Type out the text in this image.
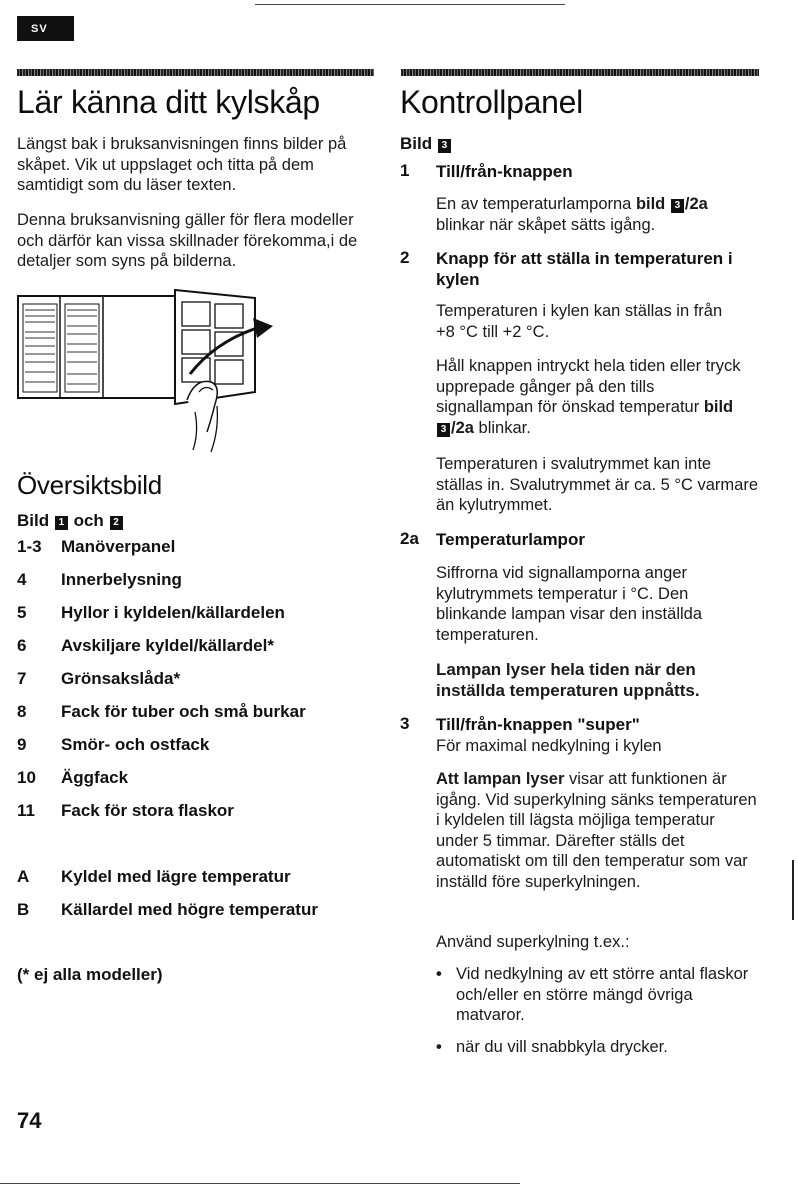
SV
Lär känna ditt kylskåp

Längst bak i bruksanvisningen finns bilder på skåpet. Vik ut uppslaget och titta på dem samtidigt som du läser texten.

Denna bruksanvisning gäller för flera modeller och därför kan vissa skillnader förekomma,i de detaljer som syns på bilderna.

Översiktsbild
Bild 1 och 2
1-3	Manöverpanel
4	Innerbelysning
5	Hyllor i kyldelen/källardelen
6	Avskiljare kyldel/källardel*
7	Grönsakslåda*
8	Fack för tuber och små burkar
9	Smör- och ostfack
10	Äggfack
11	Fack för stora flaskor
A	Kyldel med lägre temperatur
B	Källardel med högre temperatur
(* ej alla modeller)
74
Kontrollpanel
Bild 3
1 Till/från-knappen
En av temperaturlamporna bild 3 /2a blinkar när skåpet sätts igång.
2 Knapp för att ställa in temperaturen i kylen
Temperaturen i kylen kan ställas in från +8 °C till +2 °C.
Håll knappen intryckt hela tiden eller tryck upprepade gånger på den tills signallampan för önskad temperatur bild 3 /2a blinkar.
Temperaturen i svalutrymmet kan inte ställas in. Svalutrymmet är ca. 5 °C varmare än kylutrymmet.
2a Temperaturlampor
Siffrorna vid signallamporna anger kylutrymmets temperatur i °C. Den blinkande lampan visar den inställda temperaturen.
Lampan lyser hela tiden när den inställda temperaturen uppnåtts.
3 Till/från-knappen "super"
För maximal nedkylning i kylen
Att lampan lyser visar att funktionen är igång. Vid superkylning sänks temperaturen i kyldelen till lägsta möjliga temperatur under 5 timmar. Därefter ställs det automatiskt om till den temperatur som var inställd före superkylningen.
Använd superkylning t.ex.:
• Vid nedkylning av ett större antal flaskor och/eller en större mängd övriga matvaror.
• när du vill snabbkyla drycker.
